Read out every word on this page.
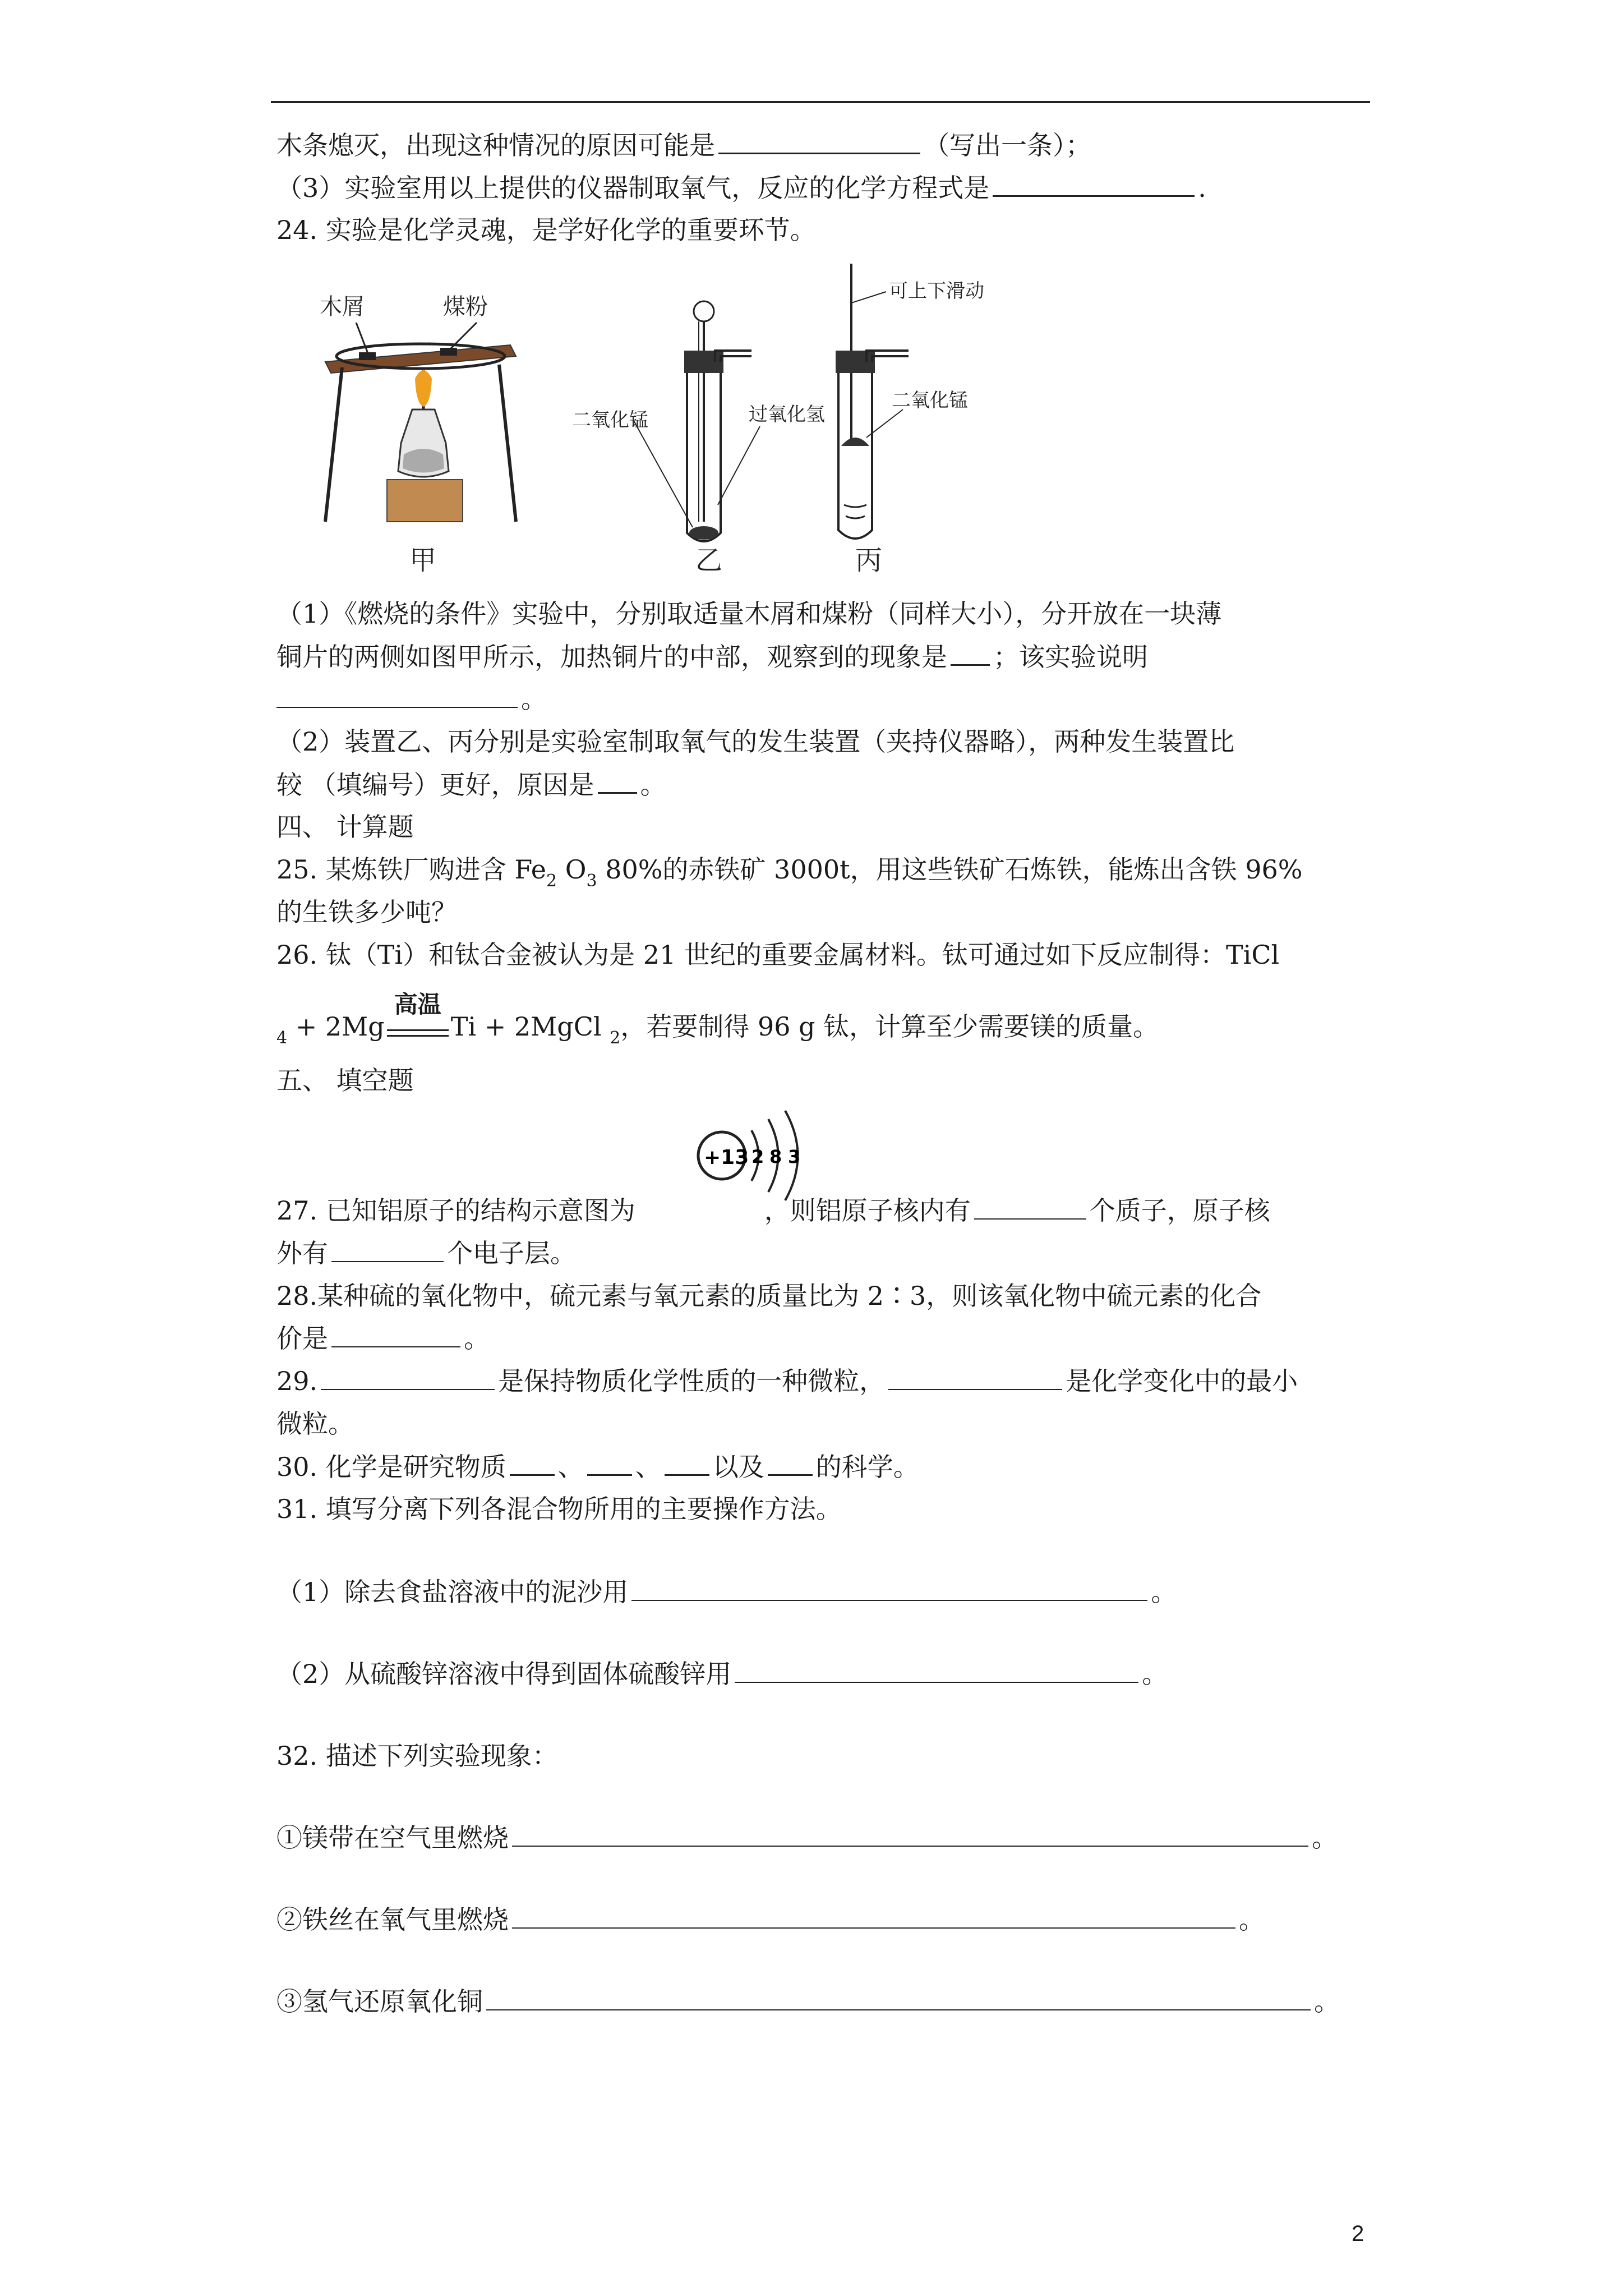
木条熄灭，出现这种情况的原因可能是	（写出一条）；
（3）实验室用以上提供的仪器制取氧气，反应的化学方程式是	.
24. 实验是化学灵魂，是学好化学的重要环节。
木屑	煤粉
甲
二氧化锰	过氧化氢
乙
可上下滑动
二氧化锰
丙
（1）《燃烧的条件》实验中，分别取适量木屑和煤粉（同样大小），分开放在一块薄
铜片的两侧如图甲所示，加热铜片的中部，观察到的现象是 ；该实验说明
。
（2）装置乙、丙分别是实验室制取氧气的发生装置（夹持仪器略），两种发生装置比
较 （填编号）更好，原因是 。
四、 计算题
25. 某炼铁厂购进含 $Fe_2$ $O_3$ 80%的赤铁矿 3000t，用这些铁矿石炼铁，能炼出含铁 96%
的生铁多少吨？
26. 钛（Ti）和钛合金被认为是 21 世纪的重要金属材料。钛可通过如下反应制得：TiCl
$_4$ + 2Mg
高温
Ti + 2MgCl $_2$，若要制得 96 g 钛，计算至少需要镁的质量。
五、 填空题
+13 2 8 3
27. 已知铝原子的结构示意图为	，则铝原子核内有	个质子，原子核
外有	个电子层。
28.某种硫的氧化物中，硫元素与氧元素的质量比为 2∶3，则该氧化物中硫元素的化合
价是	。
29.	是保持物质化学性质的一种微粒，	是化学变化中的最小
微粒。
30. 化学是研究物质 、 、 以及 的科学。
31. 填写分离下列各混合物所用的主要操作方法。
（1）除去食盐溶液中的泥沙用	。
（2）从硫酸锌溶液中得到固体硫酸锌用	。
32. 描述下列实验现象：
①镁带在空气里燃烧	。
②铁丝在氧气里燃烧	。
③氢气还原氧化铜	。
2
